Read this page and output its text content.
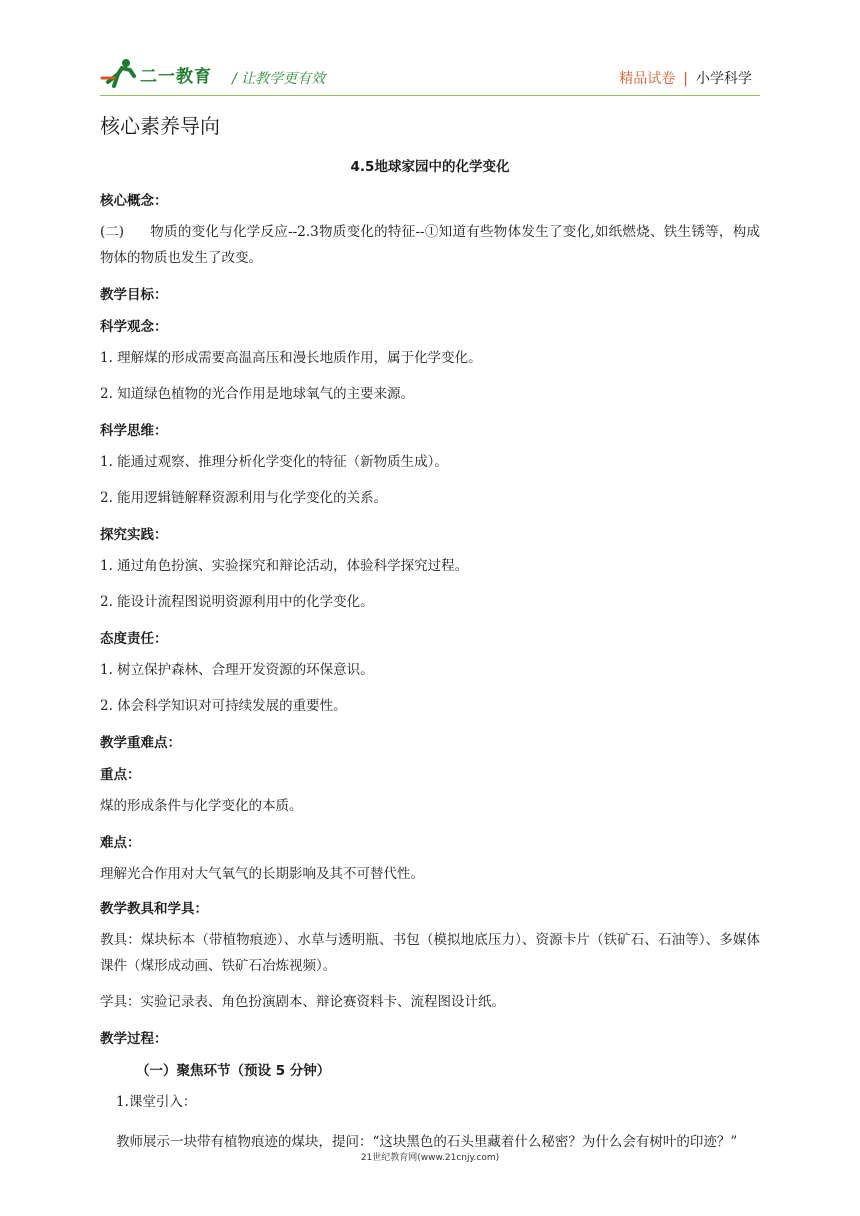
二一教育 / 让教学更有效	精品试卷 | 小学科学
核心素养导向
4.5地球家园中的化学变化

核心概念：

(二) 物质的变化与化学反应--2.3物质变化的特征--①知道有些物体发生了变化,如纸燃烧、铁生锈等，构成 物体的物质也发生了改变。

教学目标：

科学观念：

1. 理解煤的形成需要高温高压和漫长地质作用，属于化学变化。

2. 知道绿色植物的光合作用是地球氧气的主要来源。

科学思维：

1. 能通过观察、推理分析化学变化的特征（新物质生成）。

2. 能用逻辑链解释资源利用与化学变化的关系。

探究实践：

1. 通过角色扮演、实验探究和辩论活动，体验科学探究过程。

2. 能设计流程图说明资源利用中的化学变化。

态度责任：

1. 树立保护森林、合理开发资源的环保意识。

2. 体会科学知识对可持续发展的重要性。

教学重难点：

重点：

煤的形成条件与化学变化的本质。

难点：

理解光合作用对大气氧气的长期影响及其不可替代性。

教学教具和学具：

教具：煤块标本（带植物痕迹）、水草与透明瓶、书包（模拟地底压力）、资源卡片（铁矿石、石油等）、多媒体课件（煤形成动画、铁矿石冶炼视频）。

学具：实验记录表、角色扮演剧本、辩论赛资料卡、流程图设计纸。

教学过程：

（一）聚焦环节（预设 5 分钟）

1.课堂引入：

教师展示一块带有植物痕迹的煤块，提问：“这块黑色的石头里藏着什么秘密？为什么会有树叶的印迹？”

21世纪教育网(www.21cnjy.com)
